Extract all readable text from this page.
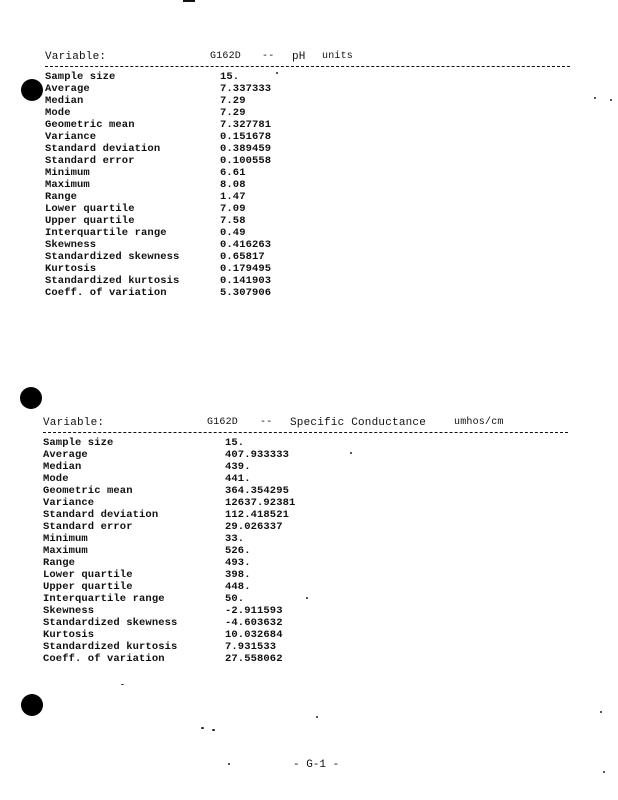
Variable:

	G162D

--

pH

units

Sample size	15.
Average	7.337333
Median	7.29
Mode	7.29
Geometric mean	7.327781
Variance	0.151678
Standard deviation	0.389459
Standard error	0.100558
Minimum	6.61
Maximum	8.08
Range	1.47
Lower quartile	7.09
Upper quartile	7.58
Interquartile range	0.49
Skewness	0.416263
Standardized skewness	0.65817
Kurtosis	0.179495
Standardized kurtosis	0.141903
Coeff. of variation	5.307906

Variable:

	G162D

--

Specific Conductance

	umhos/cm

Sample size	15.
Average	407.933333
Median	439.
Mode	441.
Geometric mean	364.354295
Variance	12637.92381
Standard deviation	112.418521
Standard error	29.026337
Minimum	33.
Maximum	526.
Range	493.
Lower quartile	398.
Upper quartile	448.
Interquartile range	50.
Skewness	-2.911593
Standardized skewness	-4.603632
Kurtosis	10.032684
Standardized kurtosis	7.931533
Coeff. of variation	27.558062
- G-1 -
